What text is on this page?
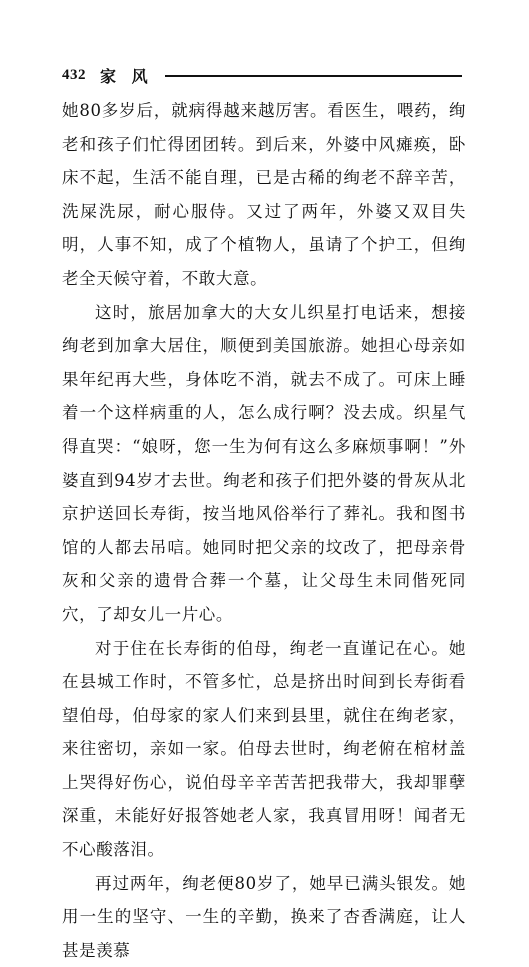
432 家 风

她80多岁后，就病得越来越厉害。看医生，喂药，绚老和孩子们忙得团团转。到后来，外婆中风瘫痪，卧床不起，生活不能自理，已是古稀的绚老不辞辛苦，洗屎洗尿，耐心服侍。又过了两年，外婆又双目失明，人事不知，成了个植物人，虽请了个护工，但绚老全天候守着，不敢大意。

这时，旅居加拿大的大女儿织星打电话来，想接绚老到加拿大居住，顺便到美国旅游。她担心母亲如果年纪再大些，身体吃不消，就去不成了。可床上睡着一个这样病重的人，怎么成行啊？没去成。织星气得直哭：“娘呀，您一生为何有这么多麻烦事啊！”外婆直到94岁才去世。绚老和孩子们把外婆的骨灰从北京护送回长寿街，按当地风俗举行了葬礼。我和图书馆的人都去吊唁。她同时把父亲的坟改了，把母亲骨灰和父亲的遗骨合葬一个墓，让父母生未同偕死同穴，了却女儿一片心。

对于住在长寿街的伯母，绚老一直谨记在心。她在县城工作时，不管多忙，总是挤出时间到长寿街看望伯母，伯母家的家人们来到县里，就住在绚老家，来往密切，亲如一家。伯母去世时，绚老俯在棺材盖上哭得好伤心，说伯母辛辛苦苦把我带大，我却罪孽深重，未能好好报答她老人家，我真冒用呀！闻者无不心酸落泪。

再过两年，绚老便80岁了，她早已满头银发。她用一生的坚守、一生的辛勤，换来了杏香满庭，让人甚是羡慕
